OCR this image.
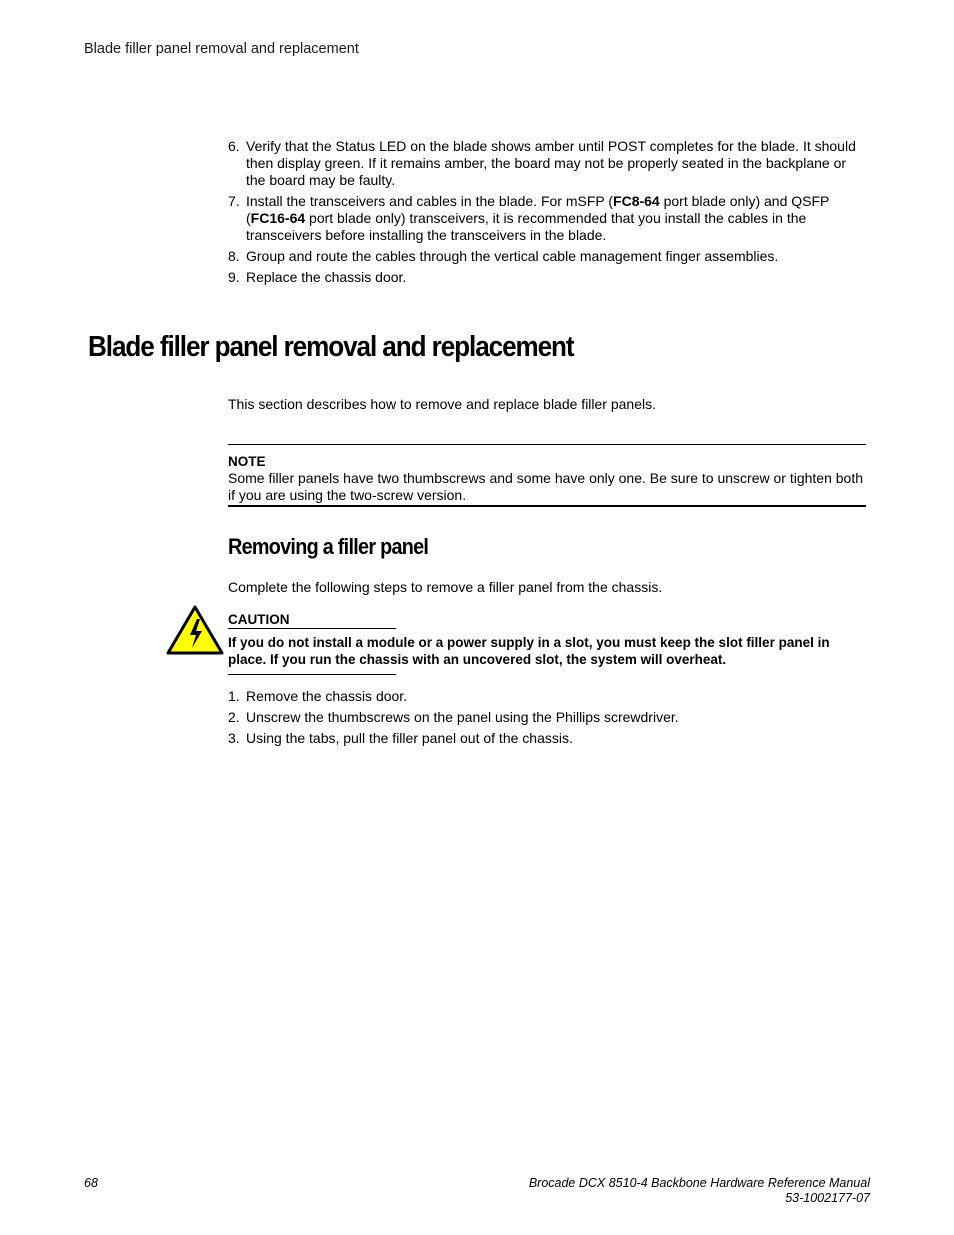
Blade filler panel removal and replacement
6. Verify that the Status LED on the blade shows amber until POST completes for the blade. It should then display green. If it remains amber, the board may not be properly seated in the backplane or the board may be faulty.
7. Install the transceivers and cables in the blade. For mSFP (FC8-64 port blade only) and QSFP (FC16-64 port blade only) transceivers, it is recommended that you install the cables in the transceivers before installing the transceivers in the blade.
8. Group and route the cables through the vertical cable management finger assemblies.
9. Replace the chassis door.
Blade filler panel removal and replacement
This section describes how to remove and replace blade filler panels.
NOTE
Some filler panels have two thumbscrews and some have only one. Be sure to unscrew or tighten both if you are using the two-screw version.
Removing a filler panel
Complete the following steps to remove a filler panel from the chassis.
CAUTION
If you do not install a module or a power supply in a slot, you must keep the slot filler panel in place. If you run the chassis with an uncovered slot, the system will overheat.
1. Remove the chassis door.
2. Unscrew the thumbscrews on the panel using the Phillips screwdriver.
3. Using the tabs, pull the filler panel out of the chassis.
68	Brocade DCX 8510-4 Backbone Hardware Reference Manual
53-1002177-07
